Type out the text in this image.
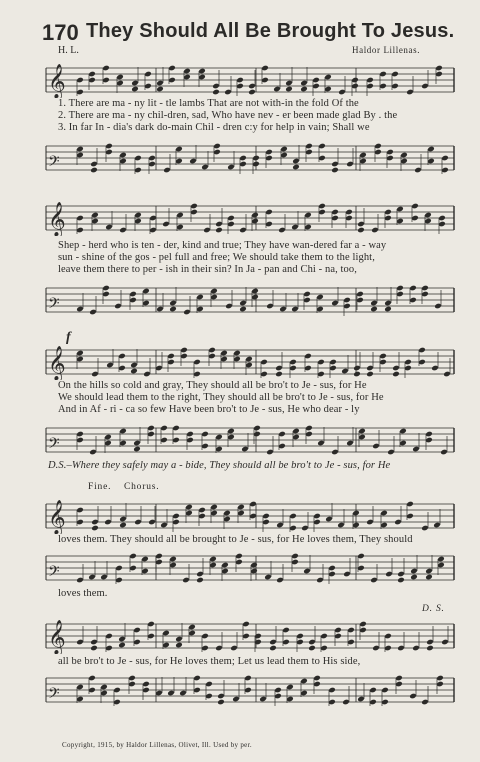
170 They Should All Be Brought To Jesus.
H. L.	Haldor Lillenas.
𝄞
1. There are ma - ny lit - tle lambs That are not with-in the fold Of the
2. There are ma - ny chil-dren, sad, Who have nev - er been made glad By . the
3. In far In - dia's dark do-main Chil - dren c:y for help in vain; Shall we
𝄢
𝄞
Shep - herd who is ten - der, kind and true; They have wan-dered far a - way
sun - shine of the gos - pel full and free; We should take them to the light,
leave them there to per - ish in their sin? In Ja - pan and Chi - na, too,
𝄢
f
𝄞
On the hills so cold and gray, They should all be bro't to Je - sus, for He
We should lead them to the right, They should all be bro't to Je - sus, for He
And in Af - ri - ca so few Have been bro't to Je - sus, He who dear - ly
𝄢
D.S.–Where they safely may a - bide, They should all be bro't to Je - sus, for He
Fine. Chorus.
𝄞
loves them. They should all be brought to Je - sus, for He loves them, They should
𝄢
loves them.
D. S.
𝄞
all be bro't to Je - sus, for He loves them; Let us lead them to His side,
𝄢
Copyright, 1915, by Haldor Lillenas, Olivet, Ill. Used by per.
